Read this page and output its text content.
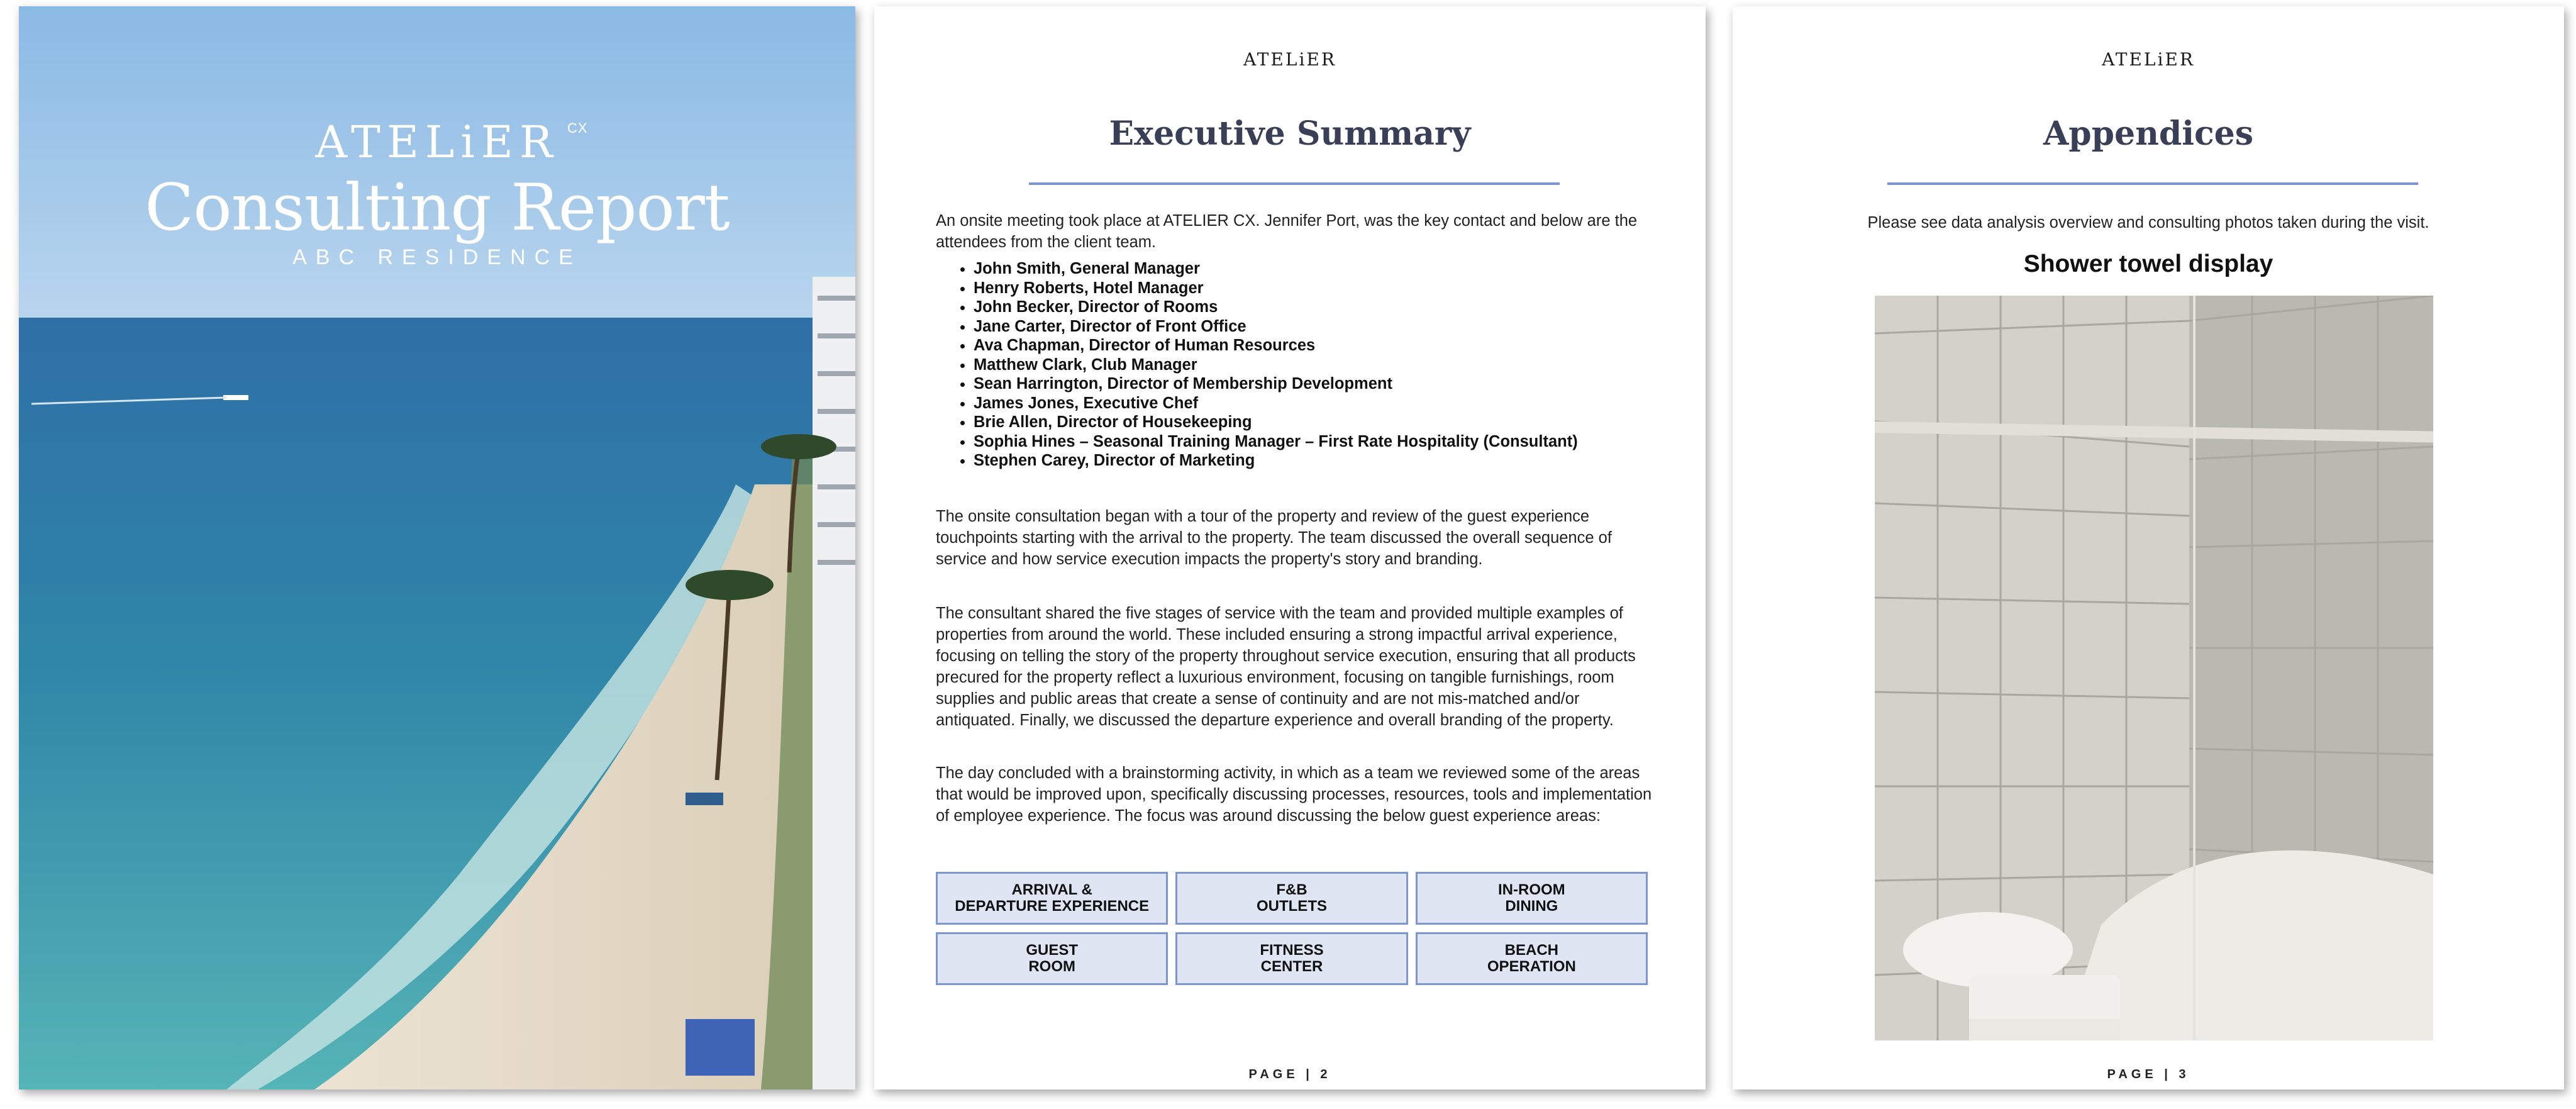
ATELiER CX
Consulting Report
ABC RESIDENCE
ATELiER
Executive Summary
An onsite meeting took place at ATELIER CX. Jennifer Port, was the key contact and below are the attendees from the client team.
• John Smith, General Manager
• Henry Roberts, Hotel Manager
• John Becker, Director of Rooms
• Jane Carter, Director of Front Office
• Ava Chapman, Director of Human Resources
• Matthew Clark, Club Manager
• Sean Harrington, Director of Membership Development
• James Jones, Executive Chef
• Brie Allen, Director of Housekeeping
• Sophia Hines – Seasonal Training Manager – First Rate Hospitality (Consultant)
• Stephen Carey, Director of Marketing
The onsite consultation began with a tour of the property and review of the guest experience touchpoints starting with the arrival to the property. The team discussed the overall sequence of service and how service execution impacts the property's story and branding.
The consultant shared the five stages of service with the team and provided multiple examples of properties from around the world. These included ensuring a strong impactful arrival experience, focusing on telling the story of the property throughout service execution, ensuring that all products precured for the property reflect a luxurious environment, focusing on tangible furnishings, room supplies and public areas that create a sense of continuity and are not mis-matched and/or antiquated. Finally, we discussed the departure experience and overall branding of the property.
The day concluded with a brainstorming activity, in which as a team we reviewed some of the areas that would be improved upon, specifically discussing processes, resources, tools and implementation of employee experience. The focus was around discussing the below guest experience areas:
ARRIVAL &
DEPARTURE EXPERIENCE
F&B
OUTLETS
IN-ROOM
DINING
GUEST
ROOM
FITNESS
CENTER
BEACH
OPERATION
PAGE | 2
ATELiER
Appendices
Please see data analysis overview and consulting photos taken during the visit.
Shower towel display
PAGE | 3
